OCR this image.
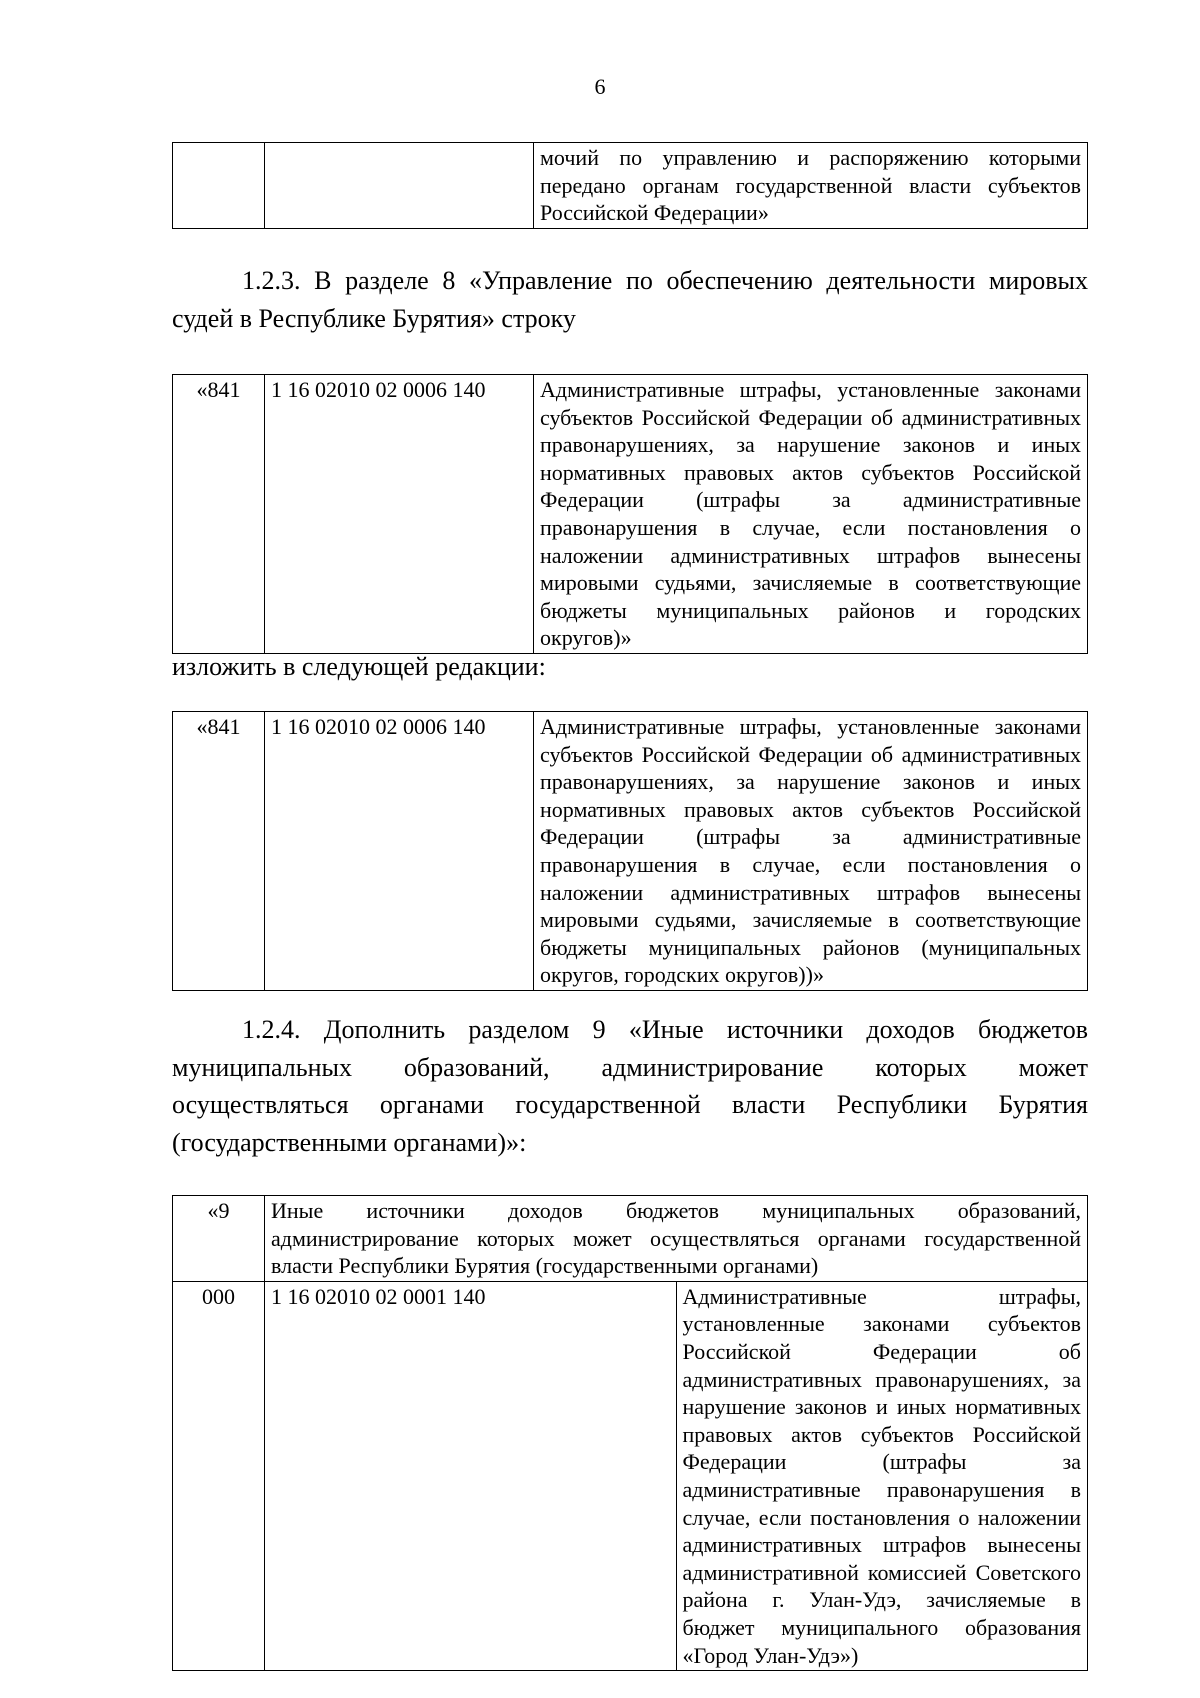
6
		мочий по управлению и распоряжению которыми передано органам государственной власти субъектов Российской Федерации»
1.2.3. В разделе 8 «Управление по обеспечению деятельности мировых судей в Республике Бурятия» строку
«841	1 16 02010 02 0006 140	Административные штрафы, установленные законами субъектов Российской Федерации об административных правонарушениях, за нарушение законов и иных нормативных правовых актов субъектов Российской Федерации (штрафы за административные правонарушения в случае, если постановления о наложении административных штрафов вынесены мировыми судьями, зачисляемые в соответствующие бюджеты муниципальных районов и городских округов)»
изложить в следующей редакции:
«841	1 16 02010 02 0006 140	Административные штрафы, установленные законами субъектов Российской Федерации об административных правонарушениях, за нарушение законов и иных нормативных правовых актов субъектов Российской Федерации (штрафы за административные правонарушения в случае, если постановления о наложении административных штрафов вынесены мировыми судьями, зачисляемые в соответствующие бюджеты муниципальных районов (муниципальных округов, городских округов))»
1.2.4. Дополнить разделом 9 «Иные источники доходов бюджетов муниципальных образований, администрирование которых может осуществляться органами государственной власти Республики Бурятия (государственными органами)»:
«9	Иные источники доходов бюджетов муниципальных образований, администрирование которых может осуществляться органами государственной власти Республики Бурятия (государственными органами)	
000	1 16 02010 02 0001 140	Административные штрафы, установленные законами субъектов Российской Федерации об административных правонарушениях, за нарушение законов и иных нормативных правовых актов субъектов Российской Федерации (штрафы за административные правонарушения в случае, если постановления о наложении административных штрафов вынесены административной комиссией Советского района г. Улан-Удэ, зачисляемые в бюджет муниципального образования «Город Улан-Удэ»)
